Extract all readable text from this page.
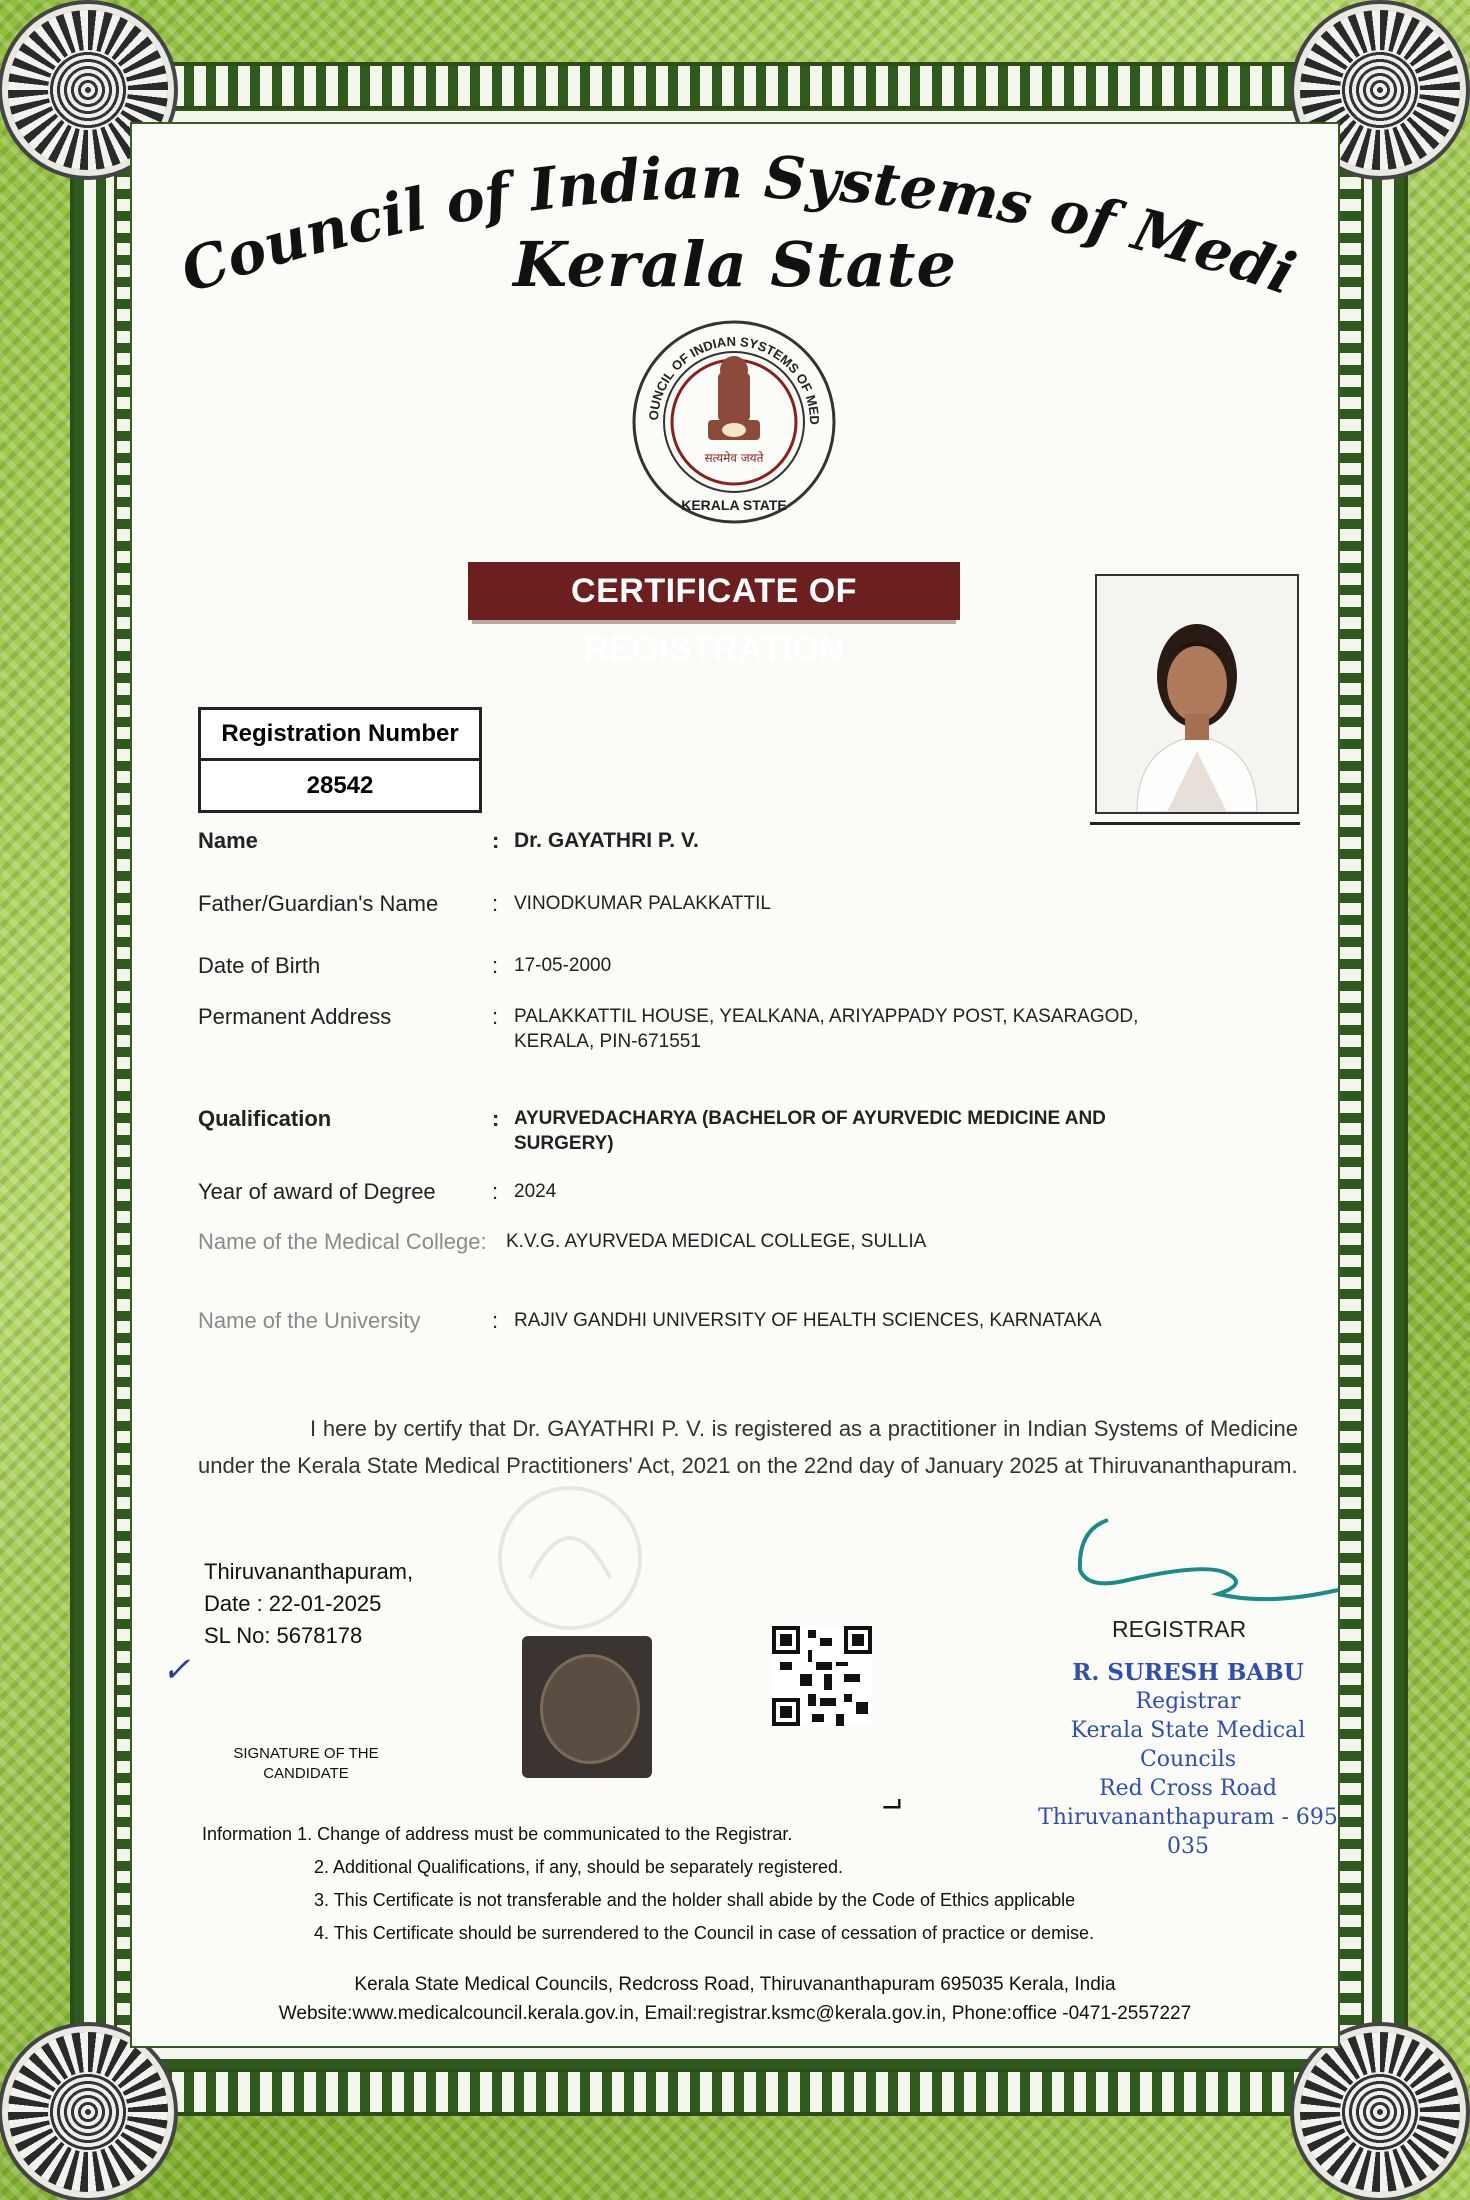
Council of Indian Systems of Medi
Kerala State
OUNCIL OF INDIAN SYSTEMS OF MED
सत्यमेव जयते
KERALA STATE
CERTIFICATE OF REGISTRATION
Registration Number
28542
Name	: Dr. GAYATHRI P. V.
Father/Guardian's Name	: VINODKUMAR PALAKKATTIL
Date of Birth	: 17-05-2000
Permanent Address	: PALAKKATTIL HOUSE, YEALKANA, ARIYAPPADY POST, KASARAGOD,
KERALA, PIN-671551
Qualification	: AYURVEDACHARYA (BACHELOR OF AYURVEDIC MEDICINE AND
SURGERY)
Year of award of Degree	: 2024
Name of the Medical College:	K.V.G. AYURVEDA MEDICAL COLLEGE, SULLIA
Name of the University	: RAJIV GANDHI UNIVERSITY OF HEALTH SCIENCES, KARNATAKA
I here by certify that Dr. GAYATHRI P. V. is registered as a practitioner in Indian Systems of Medicine under the Kerala State Medical Practitioners' Act, 2021 on the 22nd day of January 2025 at Thiruvananthapuram.
Thiruvananthapuram,
Date : 22-01-2025
SL No: 5678178
✓
SIGNATURE OF THE CANDIDATE
REGISTRAR
R. SURESH BABU
Registrar
Kerala State Medical Councils
Red Cross Road
Thiruvananthapuram - 695 035
⨼
Information 1. Change of address must be communicated to the Registrar.
2. Additional Qualifications, if any, should be separately registered.
3. This Certificate is not transferable and the holder shall abide by the Code of Ethics applicable
4. This Certificate should be surrendered to the Council in case of cessation of practice or demise.
Kerala State Medical Councils, Redcross Road, Thiruvananthapuram 695035 Kerala, India
Website:www.medicalcouncil.kerala.gov.in, Email:registrar.ksmc@kerala.gov.in, Phone:office -0471-2557227
